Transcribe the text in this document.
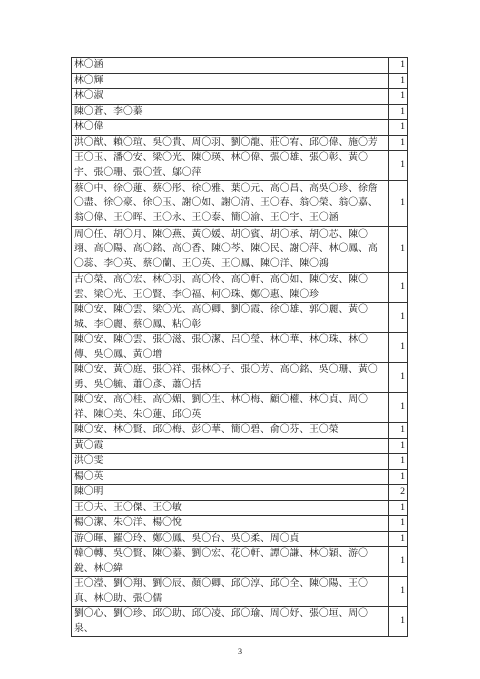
林〇涵	1
林〇輝	1
林〇淑	1
陳〇蒼、李〇蓁	1
林〇偉	1
洪〇猷、賴〇瑄、吳〇貴、周〇羽、劉〇龍、莊〇宥、邱〇偉、施〇芳	1
王〇玉、潘〇安、梁〇光、陳〇瑛、林〇偉、張〇雄、張〇彰、黃〇宇、張〇珊、張〇萱、鄔〇萍	1
蔡〇中、徐〇蓮、蔡〇彤、徐〇雅、葉〇元、高〇昌、高吳〇珍、徐詹〇盡、徐〇豪、徐〇玉、謝〇如、謝〇清、王〇春、翁〇榮、翁〇嘉、翁〇偉、王〇晖、王〇永、王〇泰、簡〇渝、王〇宇、王〇涵	1
周〇任、胡〇月、陳〇燕、黃〇媛、胡〇賓、胡〇承、胡〇芯、陳〇翊、高〇陽、高〇銘、高〇香、陳〇芩、陳〇民、謝〇萍、林〇鳳、高〇蕊、李〇英、蔡〇蘭、王〇英、王〇鳳、陳〇洋、陳〇鴻	1
古〇榮、高〇宏、林〇羽、高〇伶、高〇軒、高〇如、陳〇安、陳〇雲、梁〇光、王〇賢、李〇福、柯〇珠、鄭〇惠、陳〇珍	1
陳〇安、陳〇雲、梁〇光、高〇卿、劉〇霞、徐〇雄、郭〇麗、黃〇城、李〇麗、蔡〇鳳、粘〇彰	1
陳〇安、陳〇雲、張〇滋、張〇潔、呂〇瑩、林〇華、林〇珠、林〇傳、吳〇鳳、黃〇增	1
陳〇安、黃〇庭、張〇祥、張林〇子、張〇芳、高〇銘、吳〇珊、黃〇勇、吳〇毓、蕭〇彥、蕭〇括	1
陳〇安、高〇桂、高〇媚、劉〇生、林〇梅、顧〇權、林〇貞、周〇祥、陳〇美、朱〇蓮、邱〇英	1
陳〇安、林〇賢、邱〇梅、彭〇華、簡〇碧、俞〇芬、王〇榮	1
黃〇霞	1
洪〇雯	1
楊〇英	1
陳〇明	2
王〇夫、王〇傑、王〇敏	1
楊〇潔、朱〇洋、楊〇悅	1
游〇暉、羅〇玲、鄭〇鳳、吳〇台、吳〇柔、周〇貞	1
韓〇轉、吳〇賢、陳〇蓁、劉〇宏、花〇軒、譚〇謙、林〇穎、游〇銳、林〇緯	1
王〇瀅、劉〇翔、劉〇辰、顏〇卿、邱〇淳、邱〇全、陳〇陽、王〇真、林〇助、張〇儒	1
劉〇心、劉〇珍、邱〇助、邱〇凌、邱〇瑜、周〇妤、張〇垣、周〇泉、	1
3
